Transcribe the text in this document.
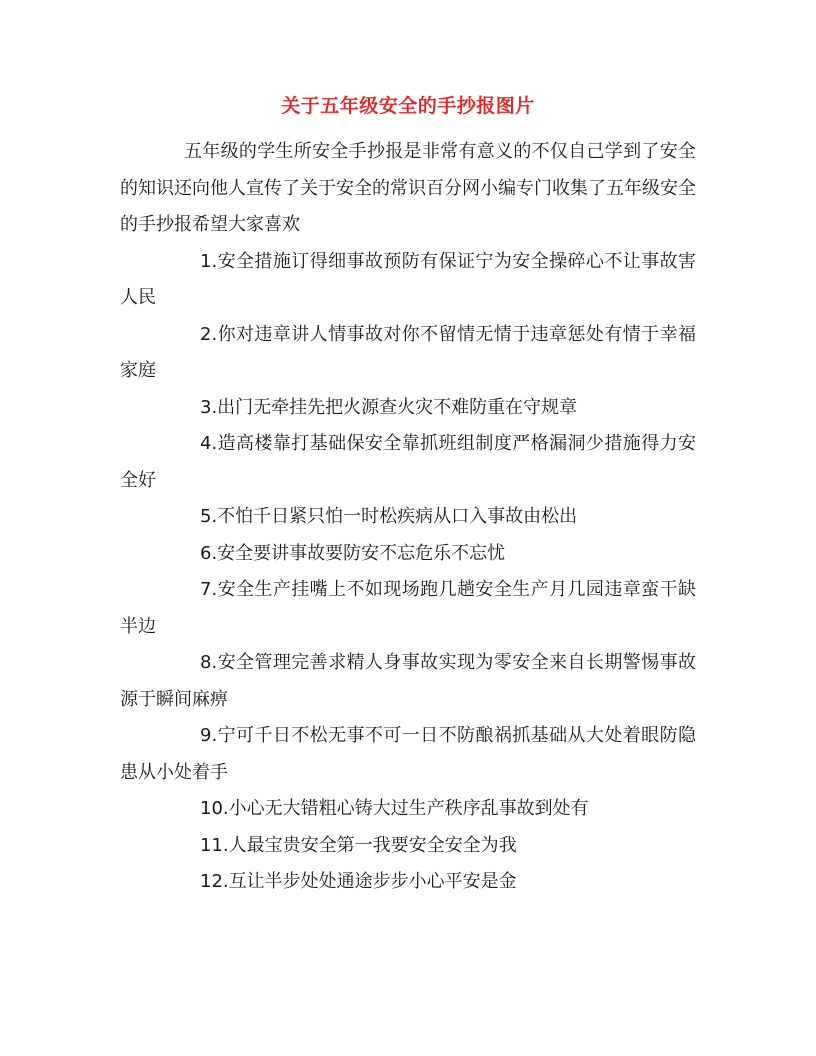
关于五年级安全的手抄报图片

五年级的学生所安全手抄报是非常有意义的不仅自己学到了安全的知识还向他人宣传了关于安全的常识百分网小编专门收集了五年级安全的手抄报希望大家喜欢

1.安全措施订得细事故预防有保证宁为安全操碎心不让事故害人民

2.你对违章讲人情事故对你不留情无情于违章惩处有情于幸福家庭

3.出门无牵挂先把火源查火灾不难防重在守规章

4.造高楼靠打基础保安全靠抓班组制度严格漏洞少措施得力安全好

5.不怕千日紧只怕一时松疾病从口入事故由松出

6.安全要讲事故要防安不忘危乐不忘忧

7.安全生产挂嘴上不如现场跑几趟安全生产月几园违章蛮干缺半边

8.安全管理完善求精人身事故实现为零安全来自长期警惕事故源于瞬间麻痹

9.宁可千日不松无事不可一日不防酿祸抓基础从大处着眼防隐患从小处着手

10.小心无大错粗心铸大过生产秩序乱事故到处有

11.人最宝贵安全第一我要安全安全为我

12.互让半步处处通途步步小心平安是金
